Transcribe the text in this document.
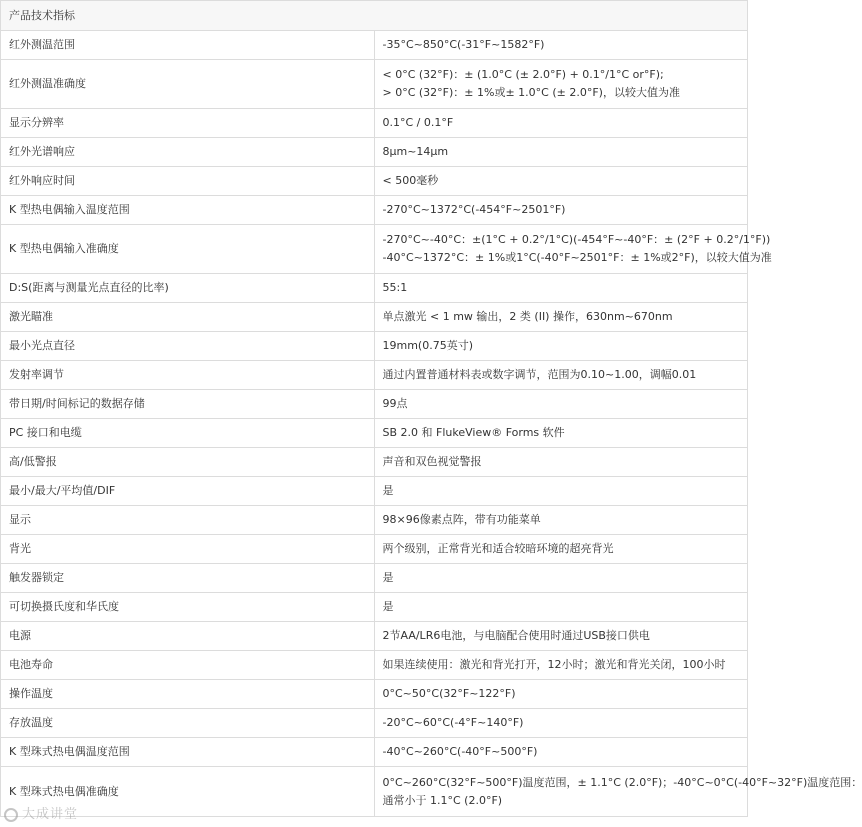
产品技术指标	
红外测温范围	-35°C~850°C(-31°F~1582°F)

红外测温准确度	< 0°C (32°F)：± (1.0°C (± 2.0°F) + 0.1°/1°C or°F);
> 0°C (32°F)：± 1%或± 1.0°C (± 2.0°F)，以较大值为准

显示分辨率	0.1°C / 0.1°F

红外光谱响应	8μm~14μm

红外响应时间	< 500毫秒

K 型热电偶输入温度范围	-270°C~1372°C(-454°F~2501°F)

K 型热电偶输入准确度	-270°C~-40°C：±(1°C + 0.2°/1°C)(-454°F~-40°F：± (2°F + 0.2°/1°F))
-40°C~1372°C：± 1%或1°C(-40°F~2501°F：± 1%或2°F)，以较大值为准

D:S(距离与测量光点直径的比率)	55:1

激光瞄准	单点激光 < 1 mw 输出，2 类 (II) 操作，630nm~670nm

最小光点直径	19mm(0.75英寸)

发射率调节	通过内置普通材料表或数字调节，范围为0.10~1.00，调幅0.01

带日期/时间标记的数据存储	99点

PC 接口和电缆	SB 2.0 和 FlukeView® Forms 软件

高/低警报	声音和双色视觉警报

最小/最大/平均值/DIF	是

显示	98×96像素点阵，带有功能菜单

背光	两个级别，正常背光和适合较暗环境的超亮背光

触发器锁定	是

可切换摄氏度和华氏度	是

电源	2节AA/LR6电池，与电脑配合使用时通过USB接口供电

电池寿命	如果连续使用：激光和背光打开，12小时；激光和背光关闭，100小时

操作温度	0°C~50°C(32°F~122°F)

存放温度	-20°C~60°C(-4°F~140°F)

K 型珠式热电偶温度范围	-40°C~260°C(-40°F~500°F)

K 型珠式热电偶准确度	0°C~260°C(32°F~500°F)温度范围，± 1.1°C (2.0°F)；-40°C~0°C(-40°F~32°F)温度范围：
通常小于 1.1°C (2.0°F)
大成讲堂
